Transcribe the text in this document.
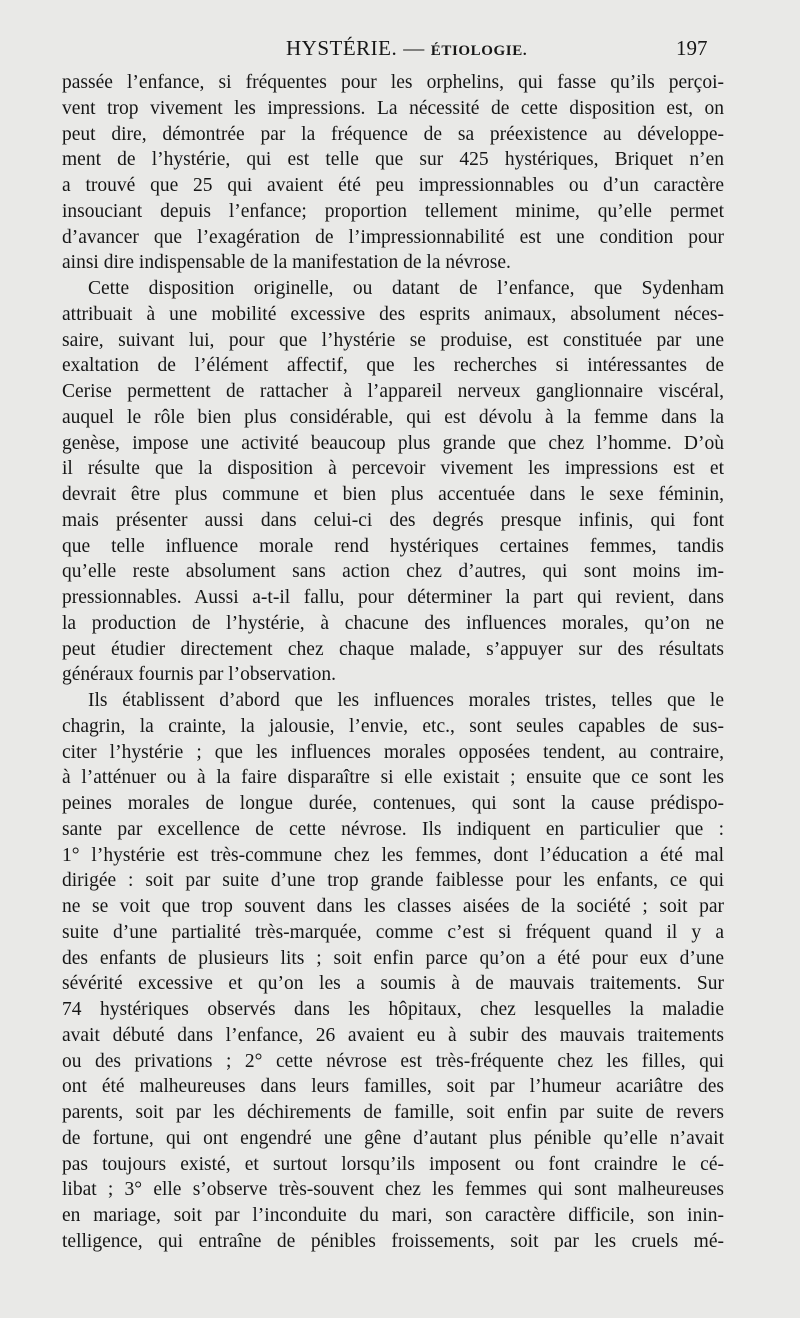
HYSTÉRIE. — ÉTIOLOGIE.	197
passée l’enfance, si fréquentes pour les orphelins, qui fasse qu’ils perçoi-
vent trop vivement les impressions. La nécessité de cette disposition est, on
peut dire, démontrée par la fréquence de sa préexistence au développe-
ment de l’hystérie, qui est telle que sur 425 hystériques, Briquet n’en
a trouvé que 25 qui avaient été peu impressionnables ou d’un caractère
insouciant depuis l’enfance; proportion tellement minime, qu’elle permet
d’avancer que l’exagération de l’impressionnabilité est une condition pour
ainsi dire indispensable de la manifestation de la névrose.
Cette disposition originelle, ou datant de l’enfance, que Sydenham
attribuait à une mobilité excessive des esprits animaux, absolument néces-
saire, suivant lui, pour que l’hystérie se produise, est constituée par une
exaltation de l’élément affectif, que les recherches si intéressantes de
Cerise permettent de rattacher à l’appareil nerveux ganglionnaire viscéral,
auquel le rôle bien plus considérable, qui est dévolu à la femme dans la
genèse, impose une activité beaucoup plus grande que chez l’homme. D’où
il résulte que la disposition à percevoir vivement les impressions est et
devrait être plus commune et bien plus accentuée dans le sexe féminin,
mais présenter aussi dans celui-ci des degrés presque infinis, qui font
que telle influence morale rend hystériques certaines femmes, tandis
qu’elle reste absolument sans action chez d’autres, qui sont moins im-
pressionnables. Aussi a-t-il fallu, pour déterminer la part qui revient, dans
la production de l’hystérie, à chacune des influences morales, qu’on ne
peut étudier directement chez chaque malade, s’appuyer sur des résultats
généraux fournis par l’observation.
Ils établissent d’abord que les influences morales tristes, telles que le
chagrin, la crainte, la jalousie, l’envie, etc., sont seules capables de sus-
citer l’hystérie ; que les influences morales opposées tendent, au contraire,
à l’atténuer ou à la faire disparaître si elle existait ; ensuite que ce sont les
peines morales de longue durée, contenues, qui sont la cause prédispo-
sante par excellence de cette névrose. Ils indiquent en particulier que :
1° l’hystérie est très-commune chez les femmes, dont l’éducation a été mal
dirigée : soit par suite d’une trop grande faiblesse pour les enfants, ce qui
ne se voit que trop souvent dans les classes aisées de la société ; soit par
suite d’une partialité très-marquée, comme c’est si fréquent quand il y a
des enfants de plusieurs lits ; soit enfin parce qu’on a été pour eux d’une
sévérité excessive et qu’on les a soumis à de mauvais traitements. Sur
74 hystériques observés dans les hôpitaux, chez lesquelles la maladie
avait débuté dans l’enfance, 26 avaient eu à subir des mauvais traitements
ou des privations ; 2° cette névrose est très-fréquente chez les filles, qui
ont été malheureuses dans leurs familles, soit par l’humeur acariâtre des
parents, soit par les déchirements de famille, soit enfin par suite de revers
de fortune, qui ont engendré une gêne d’autant plus pénible qu’elle n’avait
pas toujours existé, et surtout lorsqu’ils imposent ou font craindre le cé-
libat ; 3° elle s’observe très-souvent chez les femmes qui sont malheureuses
en mariage, soit par l’inconduite du mari, son caractère difficile, son inin-
telligence, qui entraîne de pénibles froissements, soit par les cruels mé-
